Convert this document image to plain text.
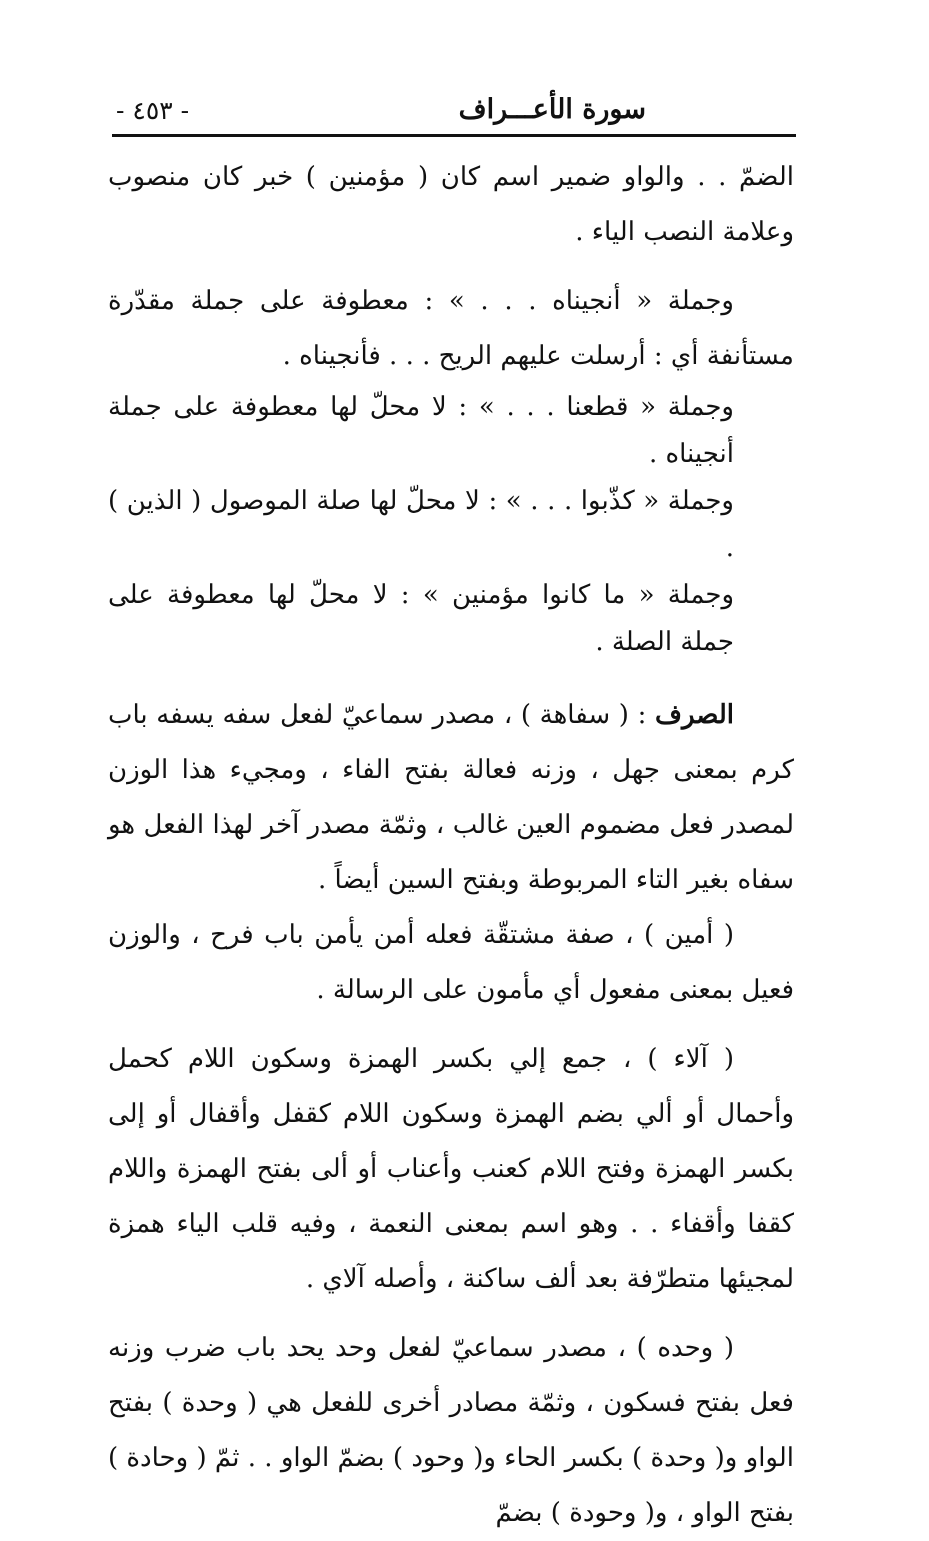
سورة الأعـــراف
- ٤٥٣ -

الضمّ . . والواو ضمير اسم كان ( مؤمنين ) خبر كان منصوب وعلامة النصب الياء .

وجملة « أنجيناه . . . » : معطوفة على جملة مقدّرة مستأنفة أي : أرسلت عليهم الريح . . . فأنجيناه .

وجملة « قطعنا . . . » : لا محلّ لها معطوفة على جملة أنجيناه .

وجملة « كذّبوا . . . » : لا محلّ لها صلة الموصول ( الذين ) .

وجملة « ما كانوا مؤمنين » : لا محلّ لها معطوفة على جملة الصلة .

الصرف : ( سفاهة ) ، مصدر سماعيّ لفعل سفه يسفه باب كرم بمعنى جهل ، وزنه فعالة بفتح الفاء ، ومجيء هذا الوزن لمصدر فعل مضموم العين غالب ، وثمّة مصدر آخر لهذا الفعل هو سفاه بغير التاء المربوطة وبفتح السين أيضاً .

( أمين ) ، صفة مشتقّة فعله أمن يأمن باب فرح ، والوزن فعيل بمعنى مفعول أي مأمون على الرسالة .

( آلاء ) ، جمع إلي بكسر الهمزة وسكون اللام كحمل وأحمال أو ألي بضم الهمزة وسكون اللام كقفل وأقفال أو إلى بكسر الهمزة وفتح اللام كعنب وأعناب أو ألى بفتح الهمزة واللام كقفا وأقفاء . . وهو اسم بمعنى النعمة ، وفيه قلب الياء همزة لمجيئها متطرّفة بعد ألف ساكنة ، وأصله آلاي .

( وحده ) ، مصدر سماعيّ لفعل وحد يحد باب ضرب وزنه فعل بفتح فسكون ، وثمّة مصادر أخرى للفعل هي ( وحدة ) بفتح الواو و( وحدة ) بكسر الحاء و( وحود ) بضمّ الواو . . ثمّ ( وحادة ) بفتح الواو ، و( وحودة ) بضمّ
